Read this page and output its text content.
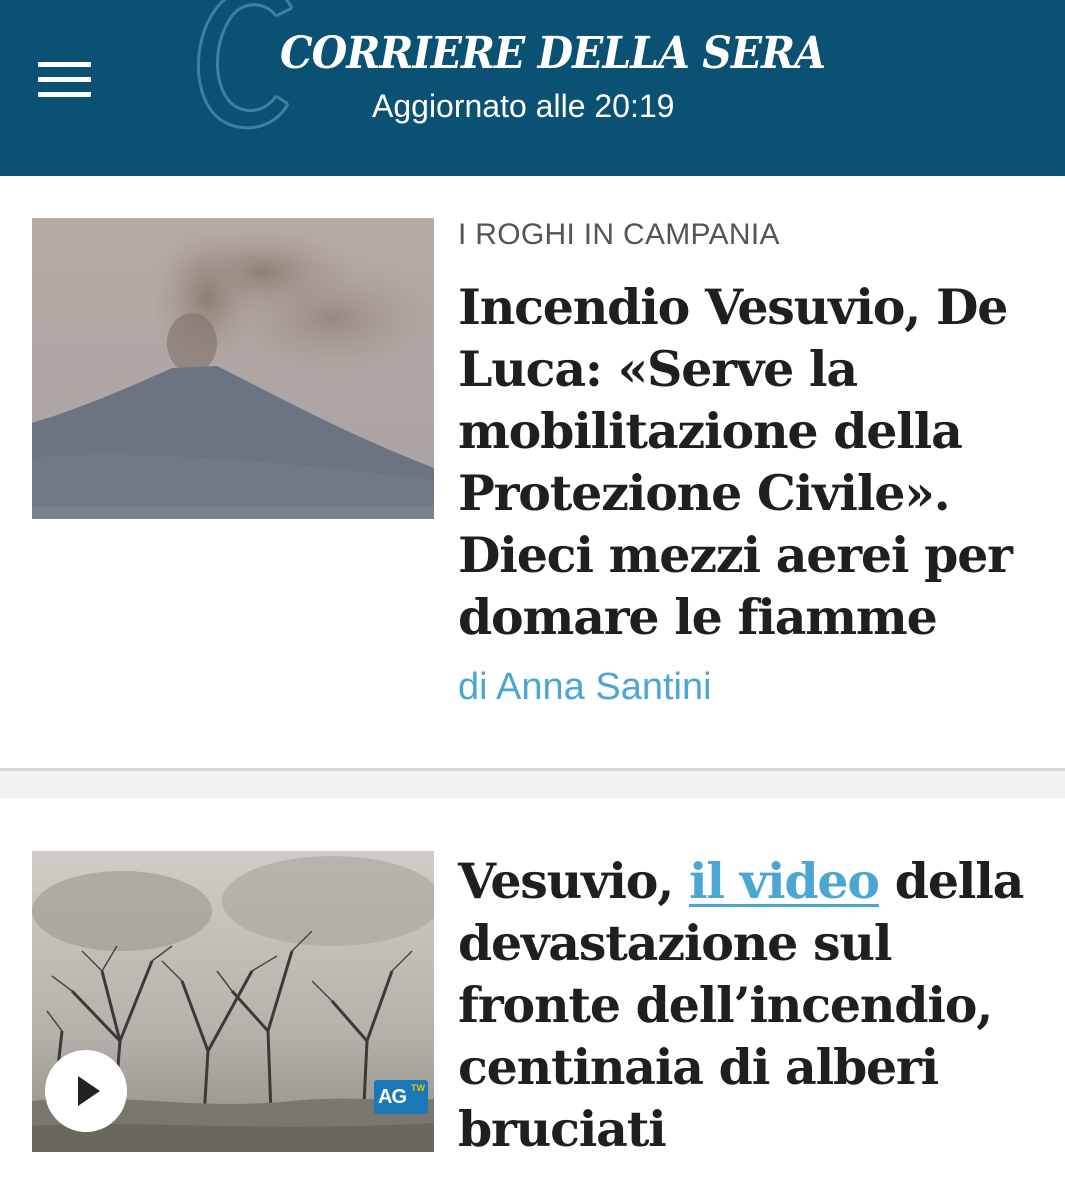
CORRIERE DELLA SERA
Aggiornato alle 20:19
I ROGHI IN CAMPANIA
Incendio Vesuvio, De Luca: «Serve la mobilitazione della Protezione Civile». Dieci mezzi aerei per domare le fiamme
di Anna Santini
AG TW
Vesuvio, il video della devastazione sul fronte dell’incendio, centinaia di alberi bruciati
